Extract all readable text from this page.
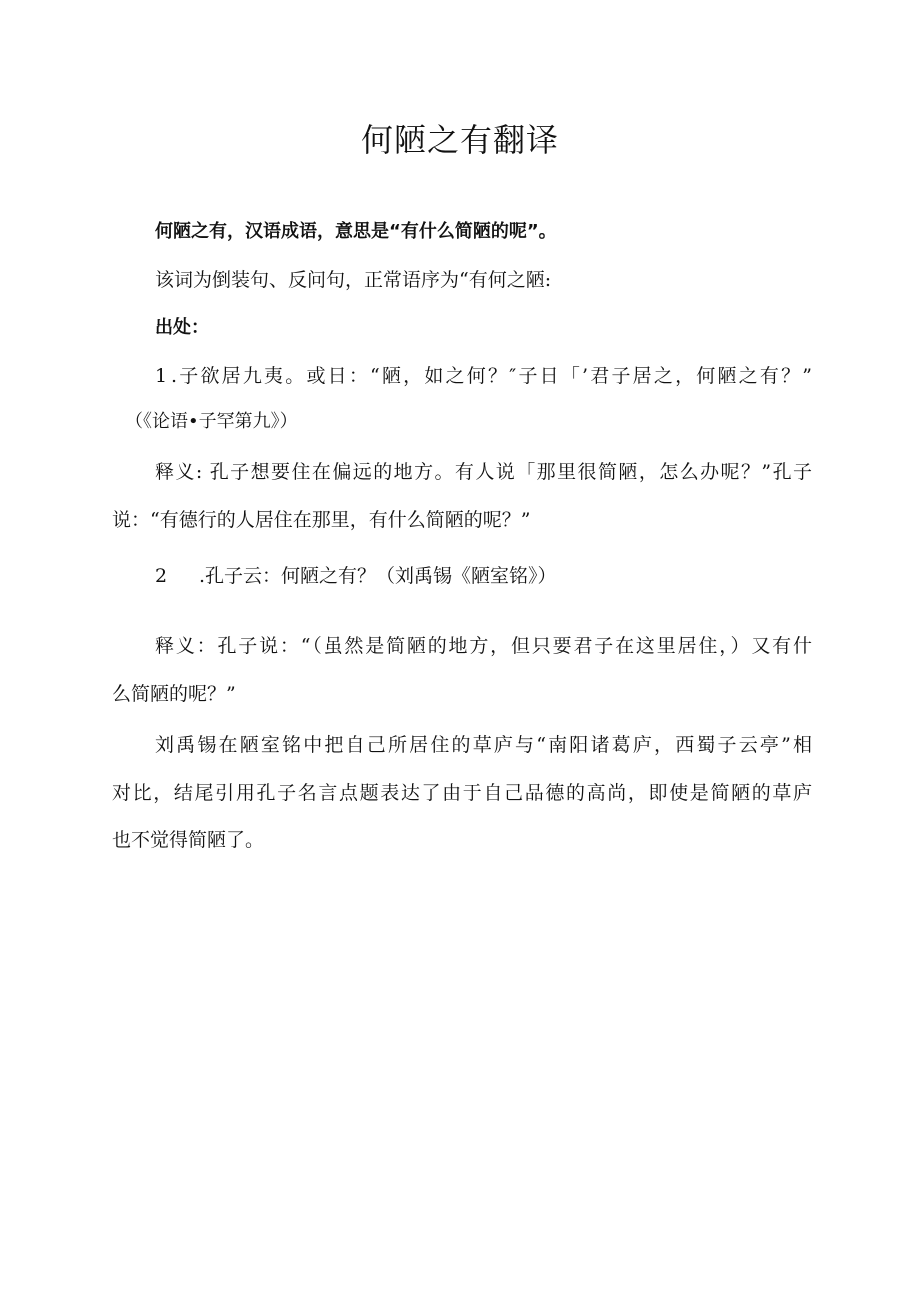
何陋之有翻译

何陋之有，汉语成语，意思是“有什么简陋的呢”。

该词为倒装句、反问句，正常语序为“有何之陋:

出处：

1 .子欲居九夷。或日：“陋，如之何？″子日「’君子居之，何陋之有？”

（《论语•子罕第九》）

释义: 孔子想要住在偏远的地方。有人说「那里很简陋，怎么办呢？”孔子

说：“有德行的人居住在那里，有什么简陋的呢？”

2 .孔子云：何陋之有？（刘禹锡《陋室铭》）

释义：孔子说：“（虽然是简陋的地方，但只要君子在这里居住，）又有什

么简陋的呢？”

刘禹锡在陋室铭中把自己所居住的草庐与“南阳诸葛庐，西蜀子云亭”相

对比，结尾引用孔子名言点题表达了由于自己品德的高尚，即使是简陋的草庐

也不觉得简陋了。
